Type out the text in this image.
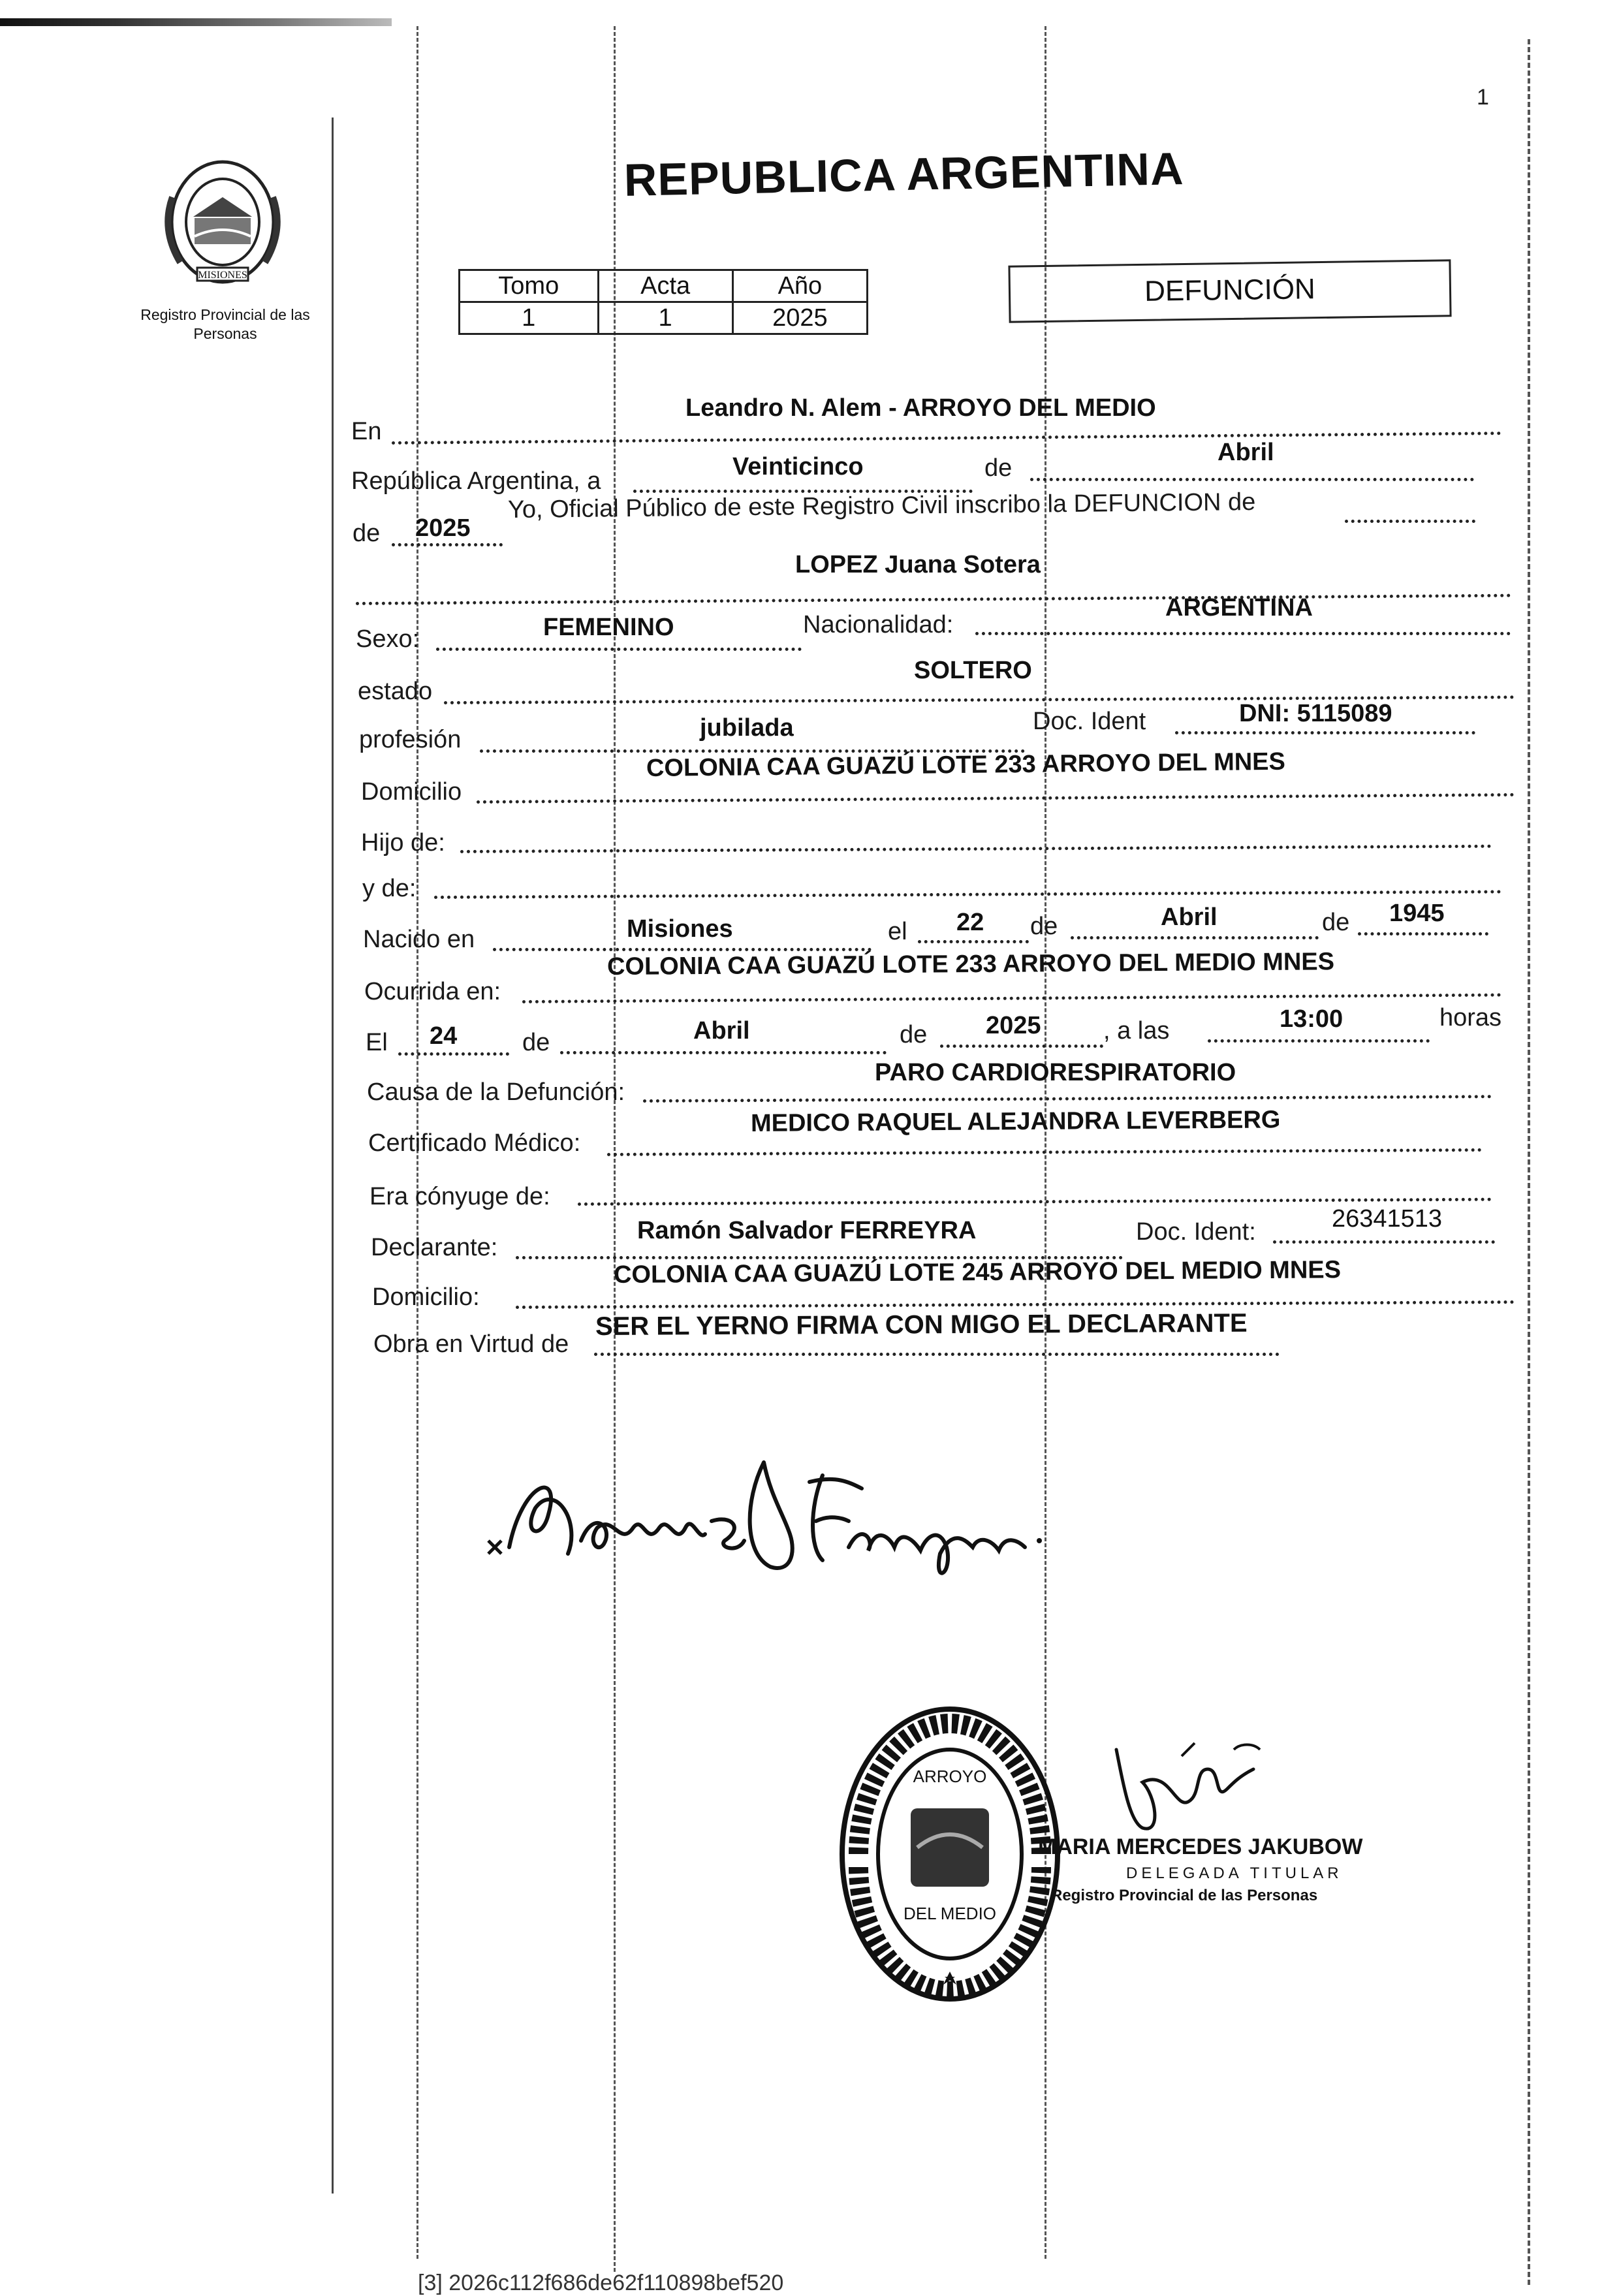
1
MISIONES
Registro Provincial de las Personas
REPUBLICA ARGENTINA
Tomo	Acta	Año
1	1	2025
DEFUNCIÓN
En
Leandro N. Alem - ARROYO DEL MEDIO
República Argentina, a
Veinticinco	de
Abril
de 2025
Yo, Oficial Público de este Registro Civil inscribo la DEFUNCION de
LOPEZ Juana Sotera
Sexo:	FEMENINO	Nacionalidad:
ARGENTINA
estado
SOLTERO
profesión	jubilada	Doc. Ident	DNI: 5115089
Domicilio
COLONIA CAA GUAZÚ LOTE 233 ARROYO DEL MNES
Hijo de:
y de:
Nacido en	Misiones	el 22 de	Abril	de 1945
Ocurrida en:
COLONIA CAA GUAZÚ LOTE 233 ARROYO DEL MEDIO MNES
El 24	de	Abril	de 2025	, a las	13:00	horas
Causa de la Defunción:
PARO CARDIORESPIRATORIO
Certificado Médico:
MEDICO RAQUEL ALEJANDRA LEVERBERG
Era cónyuge de:
Declarante:
Ramón Salvador FERREYRA	Doc. Ident:	26341513
Domicilio:
COLONIA CAA GUAZÚ LOTE 245 ARROYO DEL MEDIO MNES
Obra en Virtud de
SER EL YERNO FIRMA CON MIGO EL DECLARANTE
DEL MEDIO
ARROYO
MARIA MERCEDES JAKUBOW
DELEGADA TITULAR
Registro Provincial de las Personas
[3] 2026c112f686de62f110898bef520
